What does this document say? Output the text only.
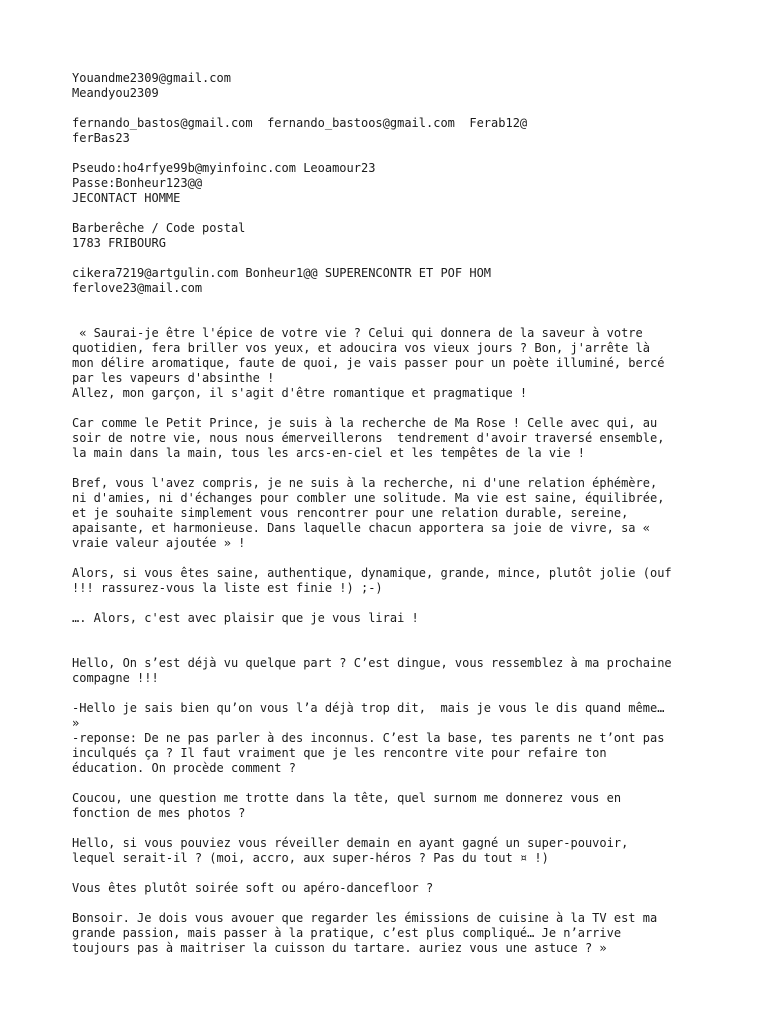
Youandme2309@gmail.com
Meandyou2309
fernando_bastos@gmail.com  fernando_bastoos@gmail.com  Ferab12@
ferBas23
Pseudo:ho4rfye99b@myinfoinc.com Leoamour23
Passe:Bonheur123@@
JECONTACT HOMME
Barberêche / Code postal
1783 FRIBOURG
cikera7219@artgulin.com Bonheur1@@ SUPERENCONTR ET POF HOM
ferlove23@mail.com
« Saurai-je être l'épice de votre vie ? Celui qui donnera de la saveur à votre
quotidien, fera briller vos yeux, et adoucira vos vieux jours ? Bon, j'arrête là
mon délire aromatique, faute de quoi, je vais passer pour un poète illuminé, bercé
par les vapeurs d'absinthe !
Allez, mon garçon, il s'agit d'être romantique et pragmatique !
Car comme le Petit Prince, je suis à la recherche de Ma Rose ! Celle avec qui, au
soir de notre vie, nous nous émerveillerons  tendrement d'avoir traversé ensemble,
la main dans la main, tous les arcs-en-ciel et les tempêtes de la vie !
Bref, vous l'avez compris, je ne suis à la recherche, ni d'une relation éphémère,
ni d'amies, ni d'échanges pour combler une solitude. Ma vie est saine, équilibrée,
et je souhaite simplement vous rencontrer pour une relation durable, sereine,
apaisante, et harmonieuse. Dans laquelle chacun apportera sa joie de vivre, sa «
vraie valeur ajoutée » !
Alors, si vous êtes saine, authentique, dynamique, grande, mince, plutôt jolie (ouf
!!! rassurez-vous la liste est finie !) ;-)
…. Alors, c'est avec plaisir que je vous lirai !
Hello, On s’est déjà vu quelque part ? C’est dingue, vous ressemblez à ma prochaine
compagne !!!
-Hello je sais bien qu’on vous l’a déjà trop dit,  mais je vous le dis quand même…
»
-reponse: De ne pas parler à des inconnus. C’est la base, tes parents ne t’ont pas
inculqués ça ? Il faut vraiment que je les rencontre vite pour refaire ton
éducation. On procède comment ?
Coucou, une question me trotte dans la tête, quel surnom me donnerez vous en
fonction de mes photos ?
Hello, si vous pouviez vous réveiller demain en ayant gagné un super-pouvoir,
lequel serait-il ? (moi, accro, aux super-héros ? Pas du tout ¤ !)
Vous êtes plutôt soirée soft ou apéro-dancefloor ?
Bonsoir. Je dois vous avouer que regarder les émissions de cuisine à la TV est ma
grande passion, mais passer à la pratique, c’est plus compliqué… Je n’arrive
toujours pas à maitriser la cuisson du tartare. auriez vous une astuce ? »
